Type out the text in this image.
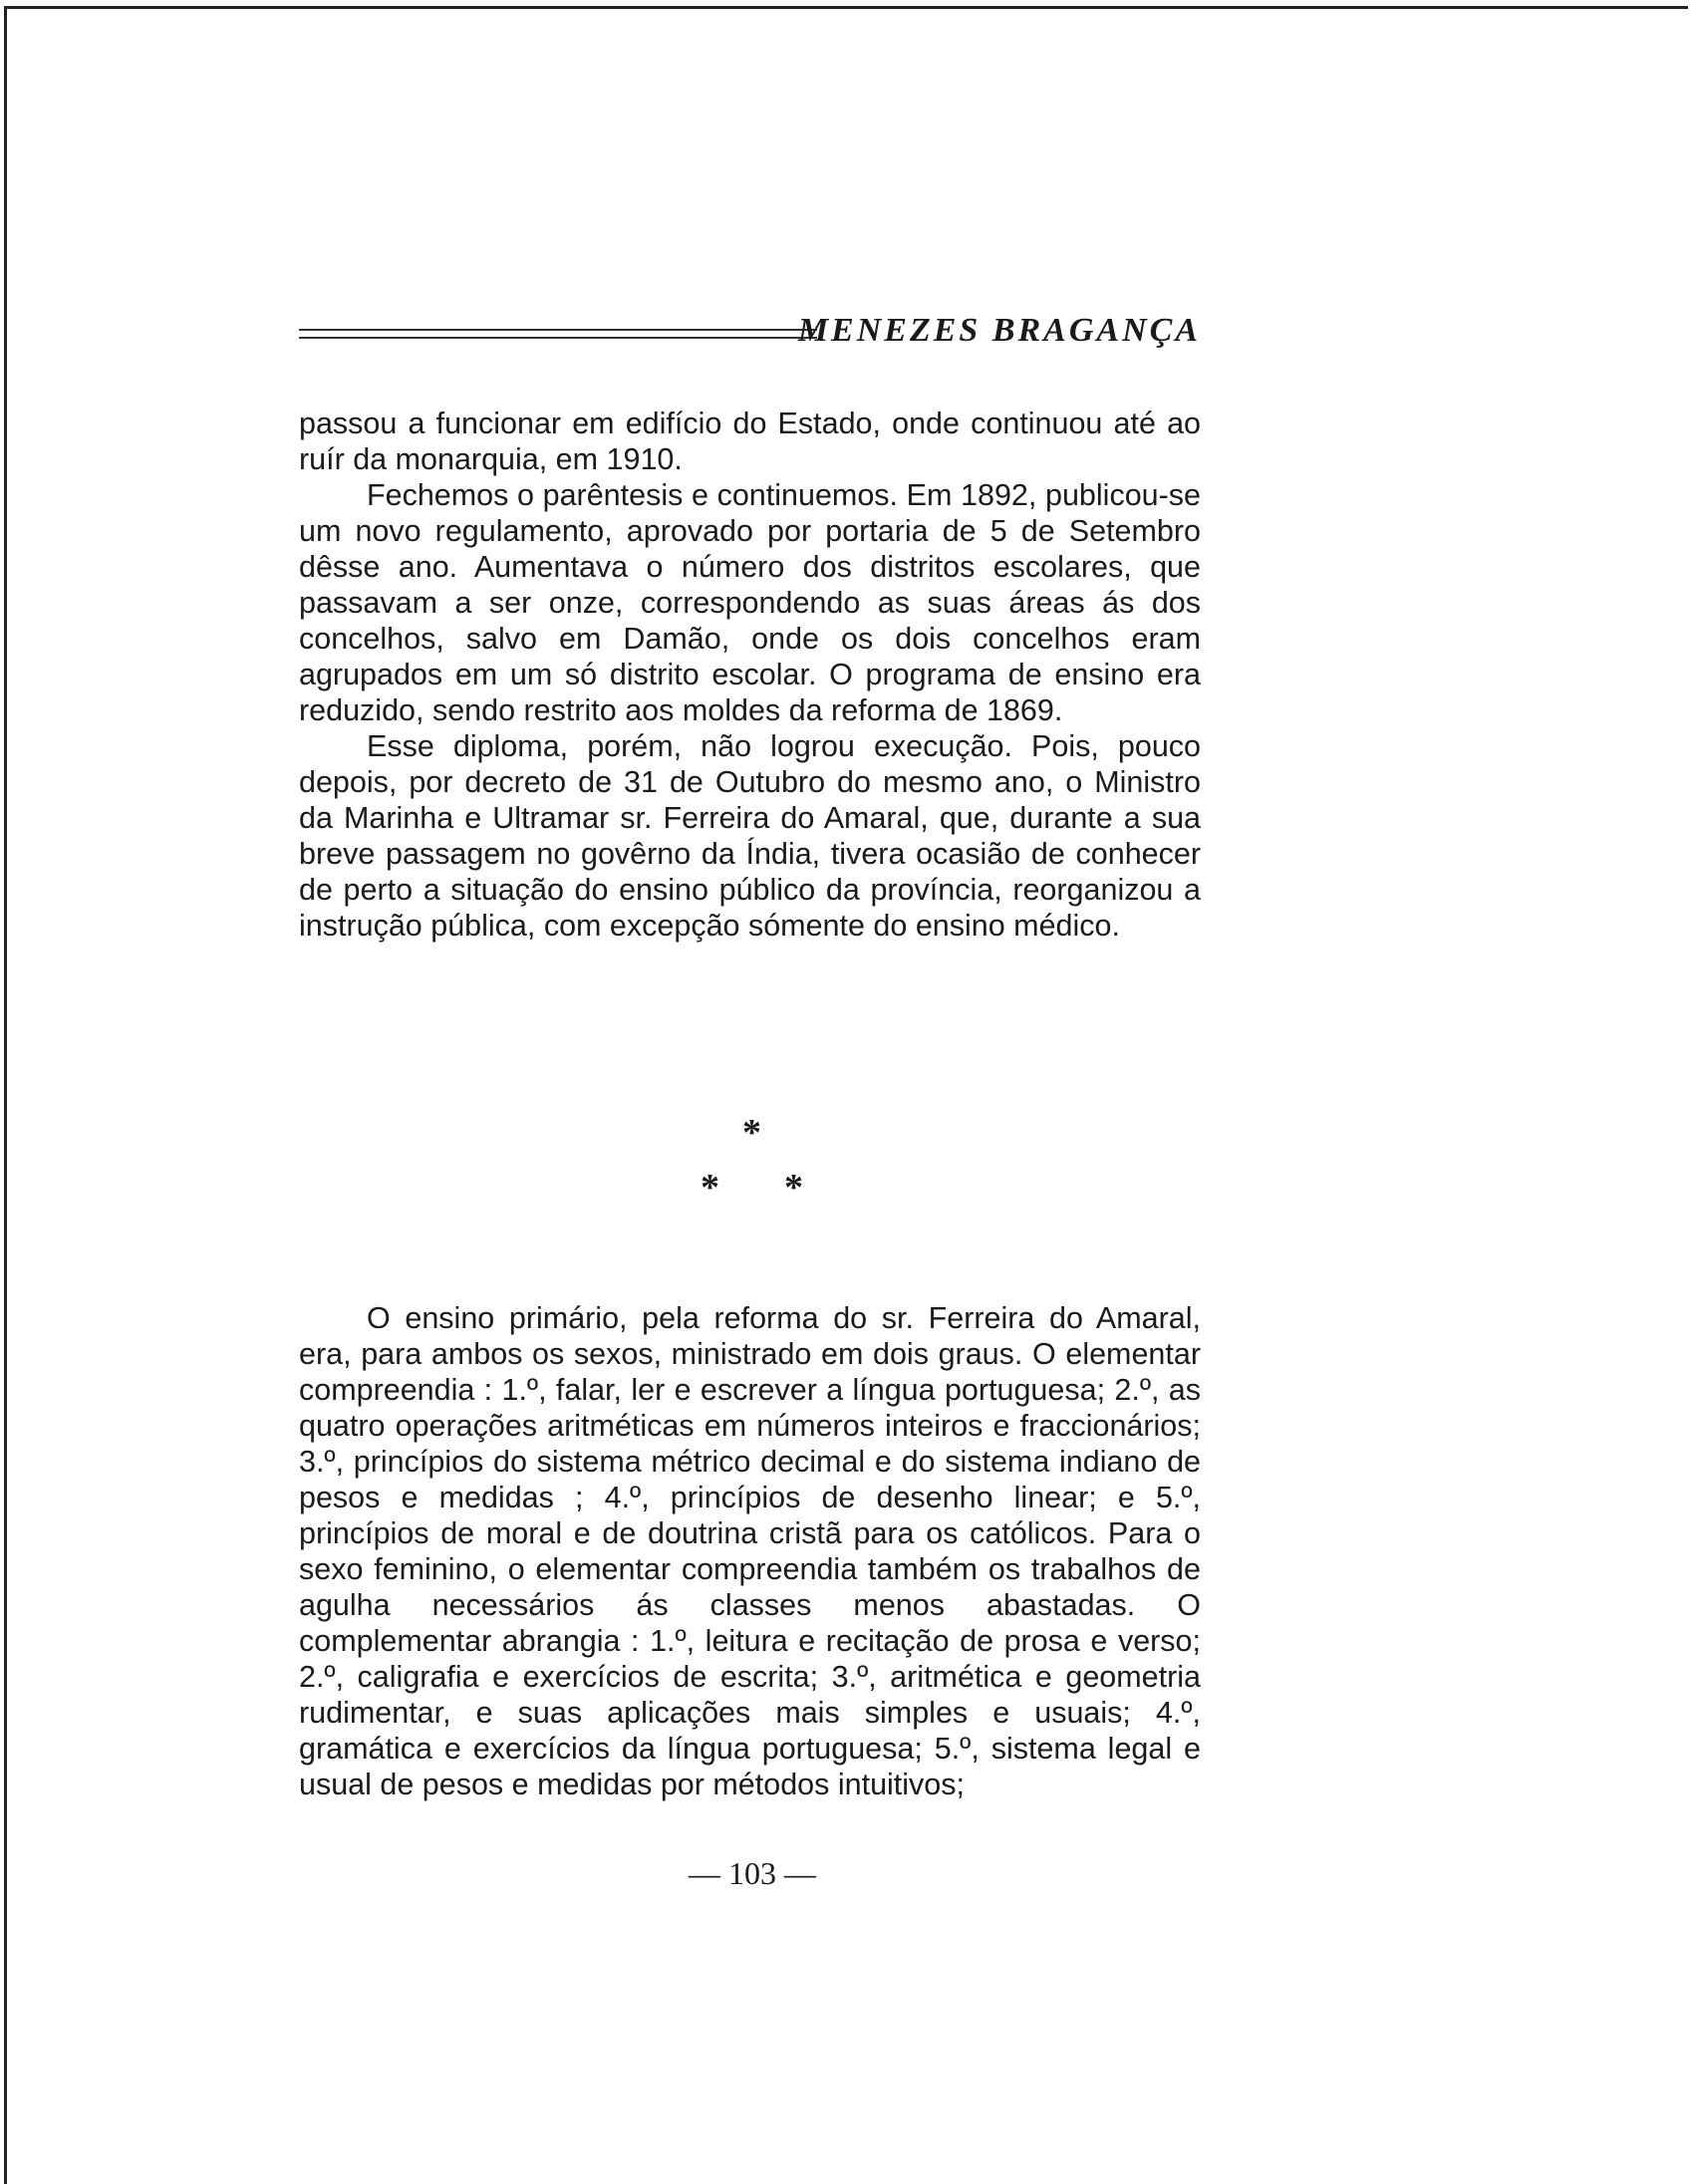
MENEZES BRAGANÇA

passou a funcionar em edifício do Estado, onde continuou até ao ruír da monarquia, em 1910.

Fechemos o parêntesis e continuemos. Em 1892, publicou-se um novo regulamento, aprovado por portaria de 5 de Setembro dêsse ano. Aumentava o número dos distritos escolares, que passavam a ser onze, correspondendo as suas áreas ás dos concelhos, salvo em Damão, onde os dois concelhos eram agrupados em um só distrito escolar. O programa de ensino era reduzido, sendo restrito aos moldes da reforma de 1869.

Esse diploma, porém, não logrou execução. Pois, pouco depois, por decreto de 31 de Outubro do mesmo ano, o Ministro da Marinha e Ultramar sr. Ferreira do Amaral, que, durante a sua breve passagem no govêrno da Índia, tivera ocasião de conhecer de perto a situação do ensino público da província, reorganizou a instrução pública, com excepção sómente do ensino médico.

*
* *

O ensino primário, pela reforma do sr. Ferreira do Amaral, era, para ambos os sexos, ministrado em dois graus. O elementar compreendia : 1.º, falar, ler e escrever a língua portuguesa; 2.º, as quatro operações aritméticas em números inteiros e fraccionários; 3.º, princípios do sistema métrico decimal e do sistema indiano de pesos e medidas ; 4.º, princípios de desenho linear; e 5.º, princípios de moral e de doutrina cristã para os católicos. Para o sexo feminino, o elementar compreendia também os trabalhos de agulha necessários ás classes menos abastadas. O complementar abrangia : 1.º, leitura e recitação de prosa e verso; 2.º, caligrafia e exercícios de escrita; 3.º, aritmética e geometria rudimentar, e suas aplicações mais simples e usuais; 4.º, gramática e exercícios da língua portuguesa; 5.º, sistema legal e usual de pesos e medidas por métodos intuitivos;

— 103 —
